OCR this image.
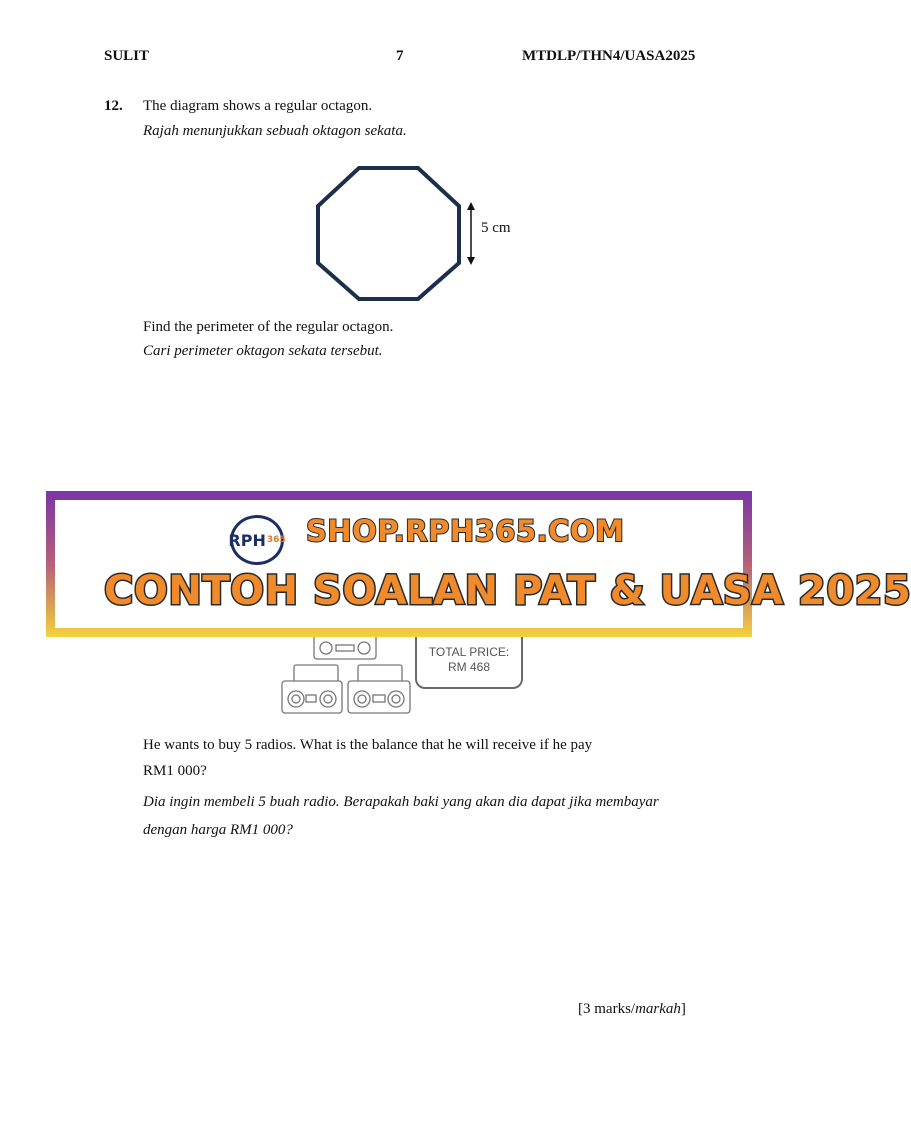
SULIT	7	MTDLP/THN4/UASA2025
12. The diagram shows a regular octagon.
Rajah menunjukkan sebuah oktagon sekata.
5 cm
Find the perimeter of the regular octagon.
Cari perimeter oktagon sekata tersebut.
TOTAL PRICE:
RM 468
RPH 365 SHOP.RPH365.COM
CONTOH SOALAN PAT & UASA 2025
He wants to buy 5 radios. What is the balance that he will receive if he pay
RM1 000?
Dia ingin membeli 5 buah radio. Berapakah baki yang akan dia dapat jika membayar
dengan harga RM1 000?
[3 marks/markah]
